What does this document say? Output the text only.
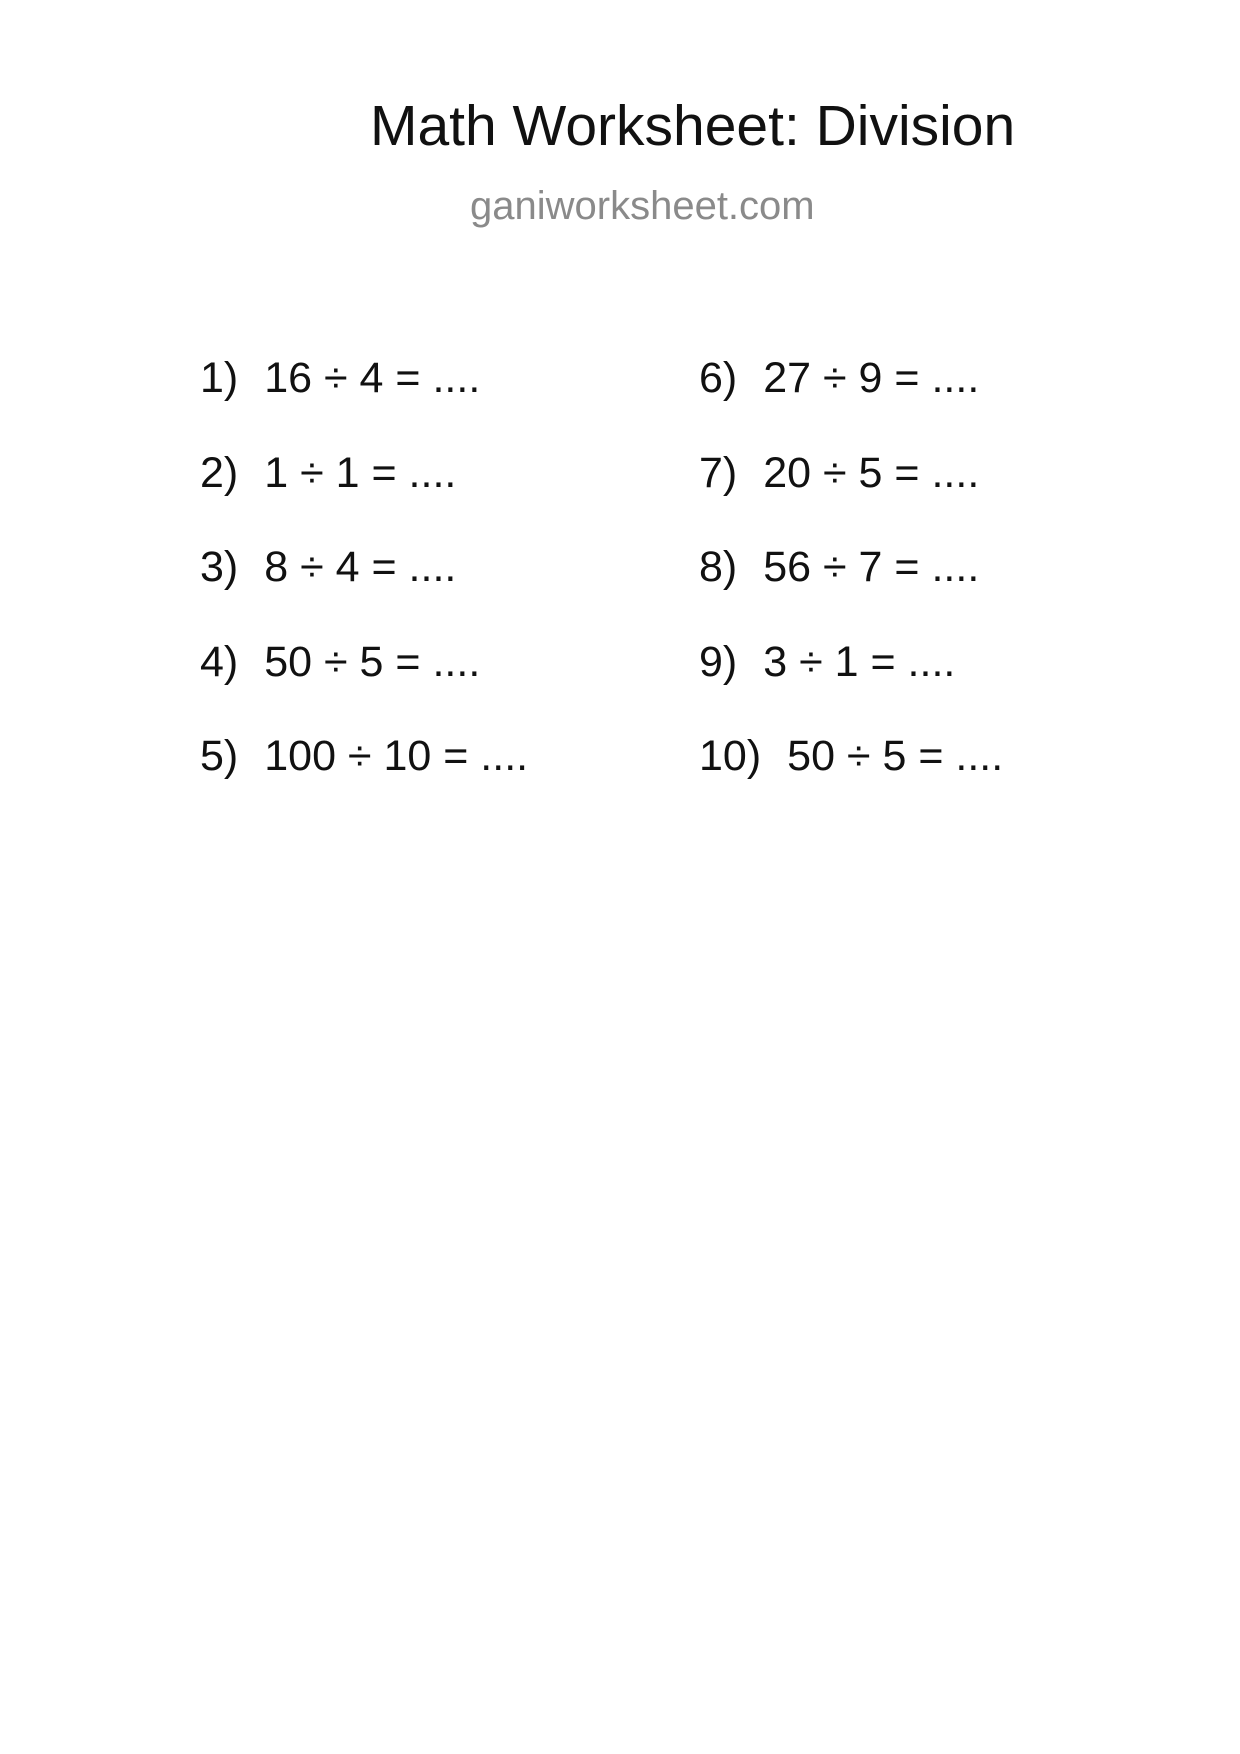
Math Worksheet: Division
ganiworksheet.com
1) 16 ÷ 4 = ....
2) 1 ÷ 1 = ....
3) 8 ÷ 4 = ....
4) 50 ÷ 5 = ....
5) 100 ÷ 10 = ....
6) 27 ÷ 9 = ....
7) 20 ÷ 5 = ....
8) 56 ÷ 7 = ....
9) 3 ÷ 1 = ....
10) 50 ÷ 5 = ....
